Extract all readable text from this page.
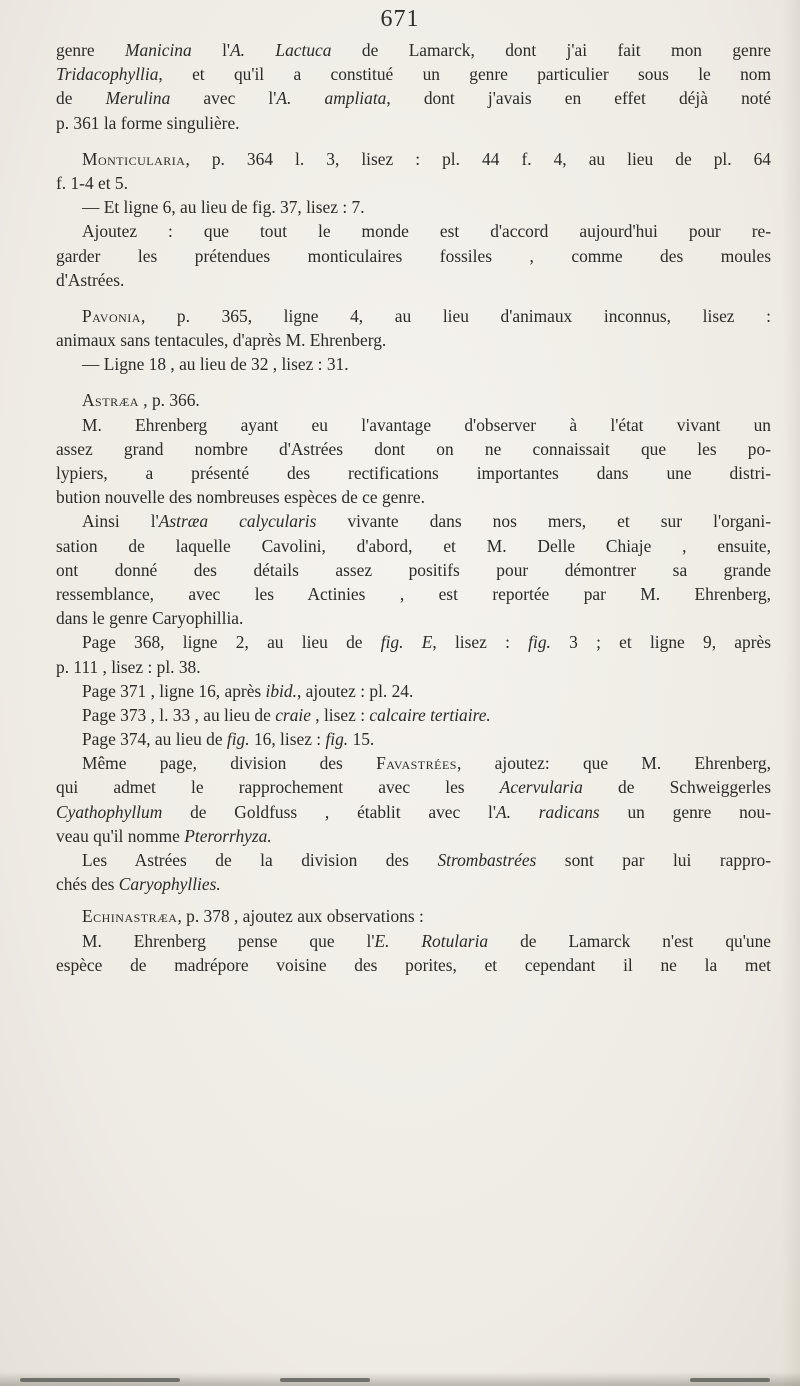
671
genre Manicina l'A. Lactuca de Lamarck, dont j'ai fait mon genre
Tridacophyllia, et qu'il a constitué un genre particulier sous le nom
de Merulina avec l'A. ampliata, dont j'avais en effet déjà noté
p. 361 la forme singulière.
Monticularia, p. 364 l. 3, lisez : pl. 44 f. 4, au lieu de pl. 64
f. 1-4 et 5.
— Et ligne 6, au lieu de fig. 37, lisez : 7.
Ajoutez : que tout le monde est d'accord aujourd'hui pour re-
garder les prétendues monticulaires fossiles , comme des moules
d'Astrées.
Pavonia, p. 365, ligne 4, au lieu d'animaux inconnus, lisez :
animaux sans tentacules, d'après M. Ehrenberg.
— Ligne 18 , au lieu de 32 , lisez : 31.
Astræa , p. 366.
M. Ehrenberg ayant eu l'avantage d'observer à l'état vivant un
assez grand nombre d'Astrées dont on ne connaissait que les po-
lypiers, a présenté des rectifications importantes dans une distri-
bution nouvelle des nombreuses espèces de ce genre.
Ainsi l'Astræa calycularis vivante dans nos mers, et sur l'organi-
sation de laquelle Cavolini, d'abord, et M. Delle Chiaje , ensuite,
ont donné des détails assez positifs pour démontrer sa grande
ressemblance, avec les Actinies , est reportée par M. Ehrenberg,
dans le genre Caryophillia.
Page 368, ligne 2, au lieu de fig. E, lisez : fig. 3 ; et ligne 9, après
p. 111 , lisez : pl. 38.
Page 371 , ligne 16, après ibid., ajoutez : pl. 24.
Page 373 , l. 33 , au lieu de craie , lisez : calcaire tertiaire.
Page 374, au lieu de fig. 16, lisez : fig. 15.
Même page, division des Favastrées, ajoutez: que M. Ehrenberg,
qui admet le rapprochement avec les Acervularia de Schweiggerles
Cyathophyllum de Goldfuss , établit avec l'A. radicans un genre nou-
veau qu'il nomme Pterorrhyza.
Les Astrées de la division des Strombastrées sont par lui rappro-
chés des Caryophyllies.
Echinastræa, p. 378 , ajoutez aux observations :
M. Ehrenberg pense que l'E. Rotularia de Lamarck n'est qu'une
espèce de madrépore voisine des porites, et cependant il ne la met
